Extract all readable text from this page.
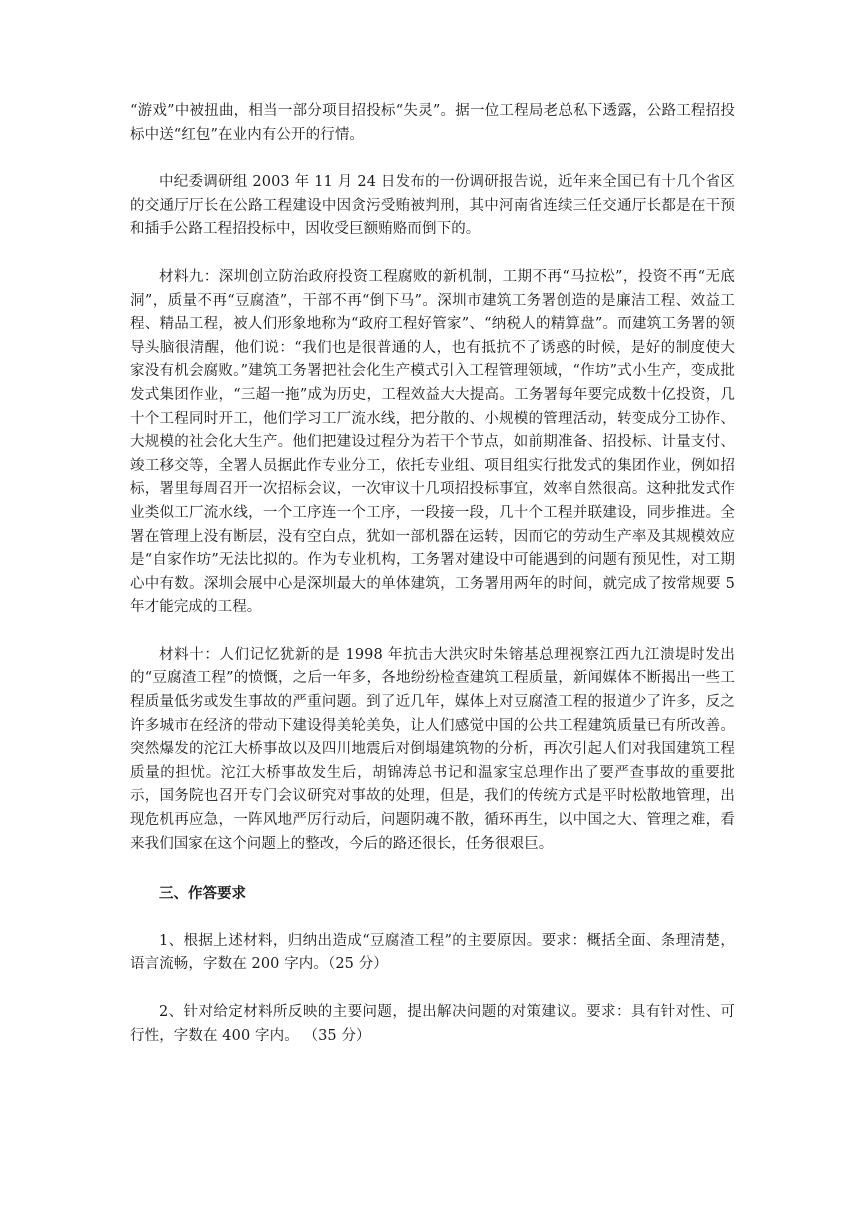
“游戏”中被扭曲，相当一部分项目招投标“失灵”。据一位工程局老总私下透露，公路工程招投标中送“红包”在业内有公开的行情。

中纪委调研组 2003 年 11 月 24 日发布的一份调研报告说，近年来全国已有十几个省区的交通厅厅长在公路工程建设中因贪污受贿被判刑，其中河南省连续三任交通厅长都是在干预和插手公路工程招投标中，因收受巨额贿赂而倒下的。

材料九：深圳创立防治政府投资工程腐败的新机制，工期不再“马拉松”，投资不再“无底洞”，质量不再“豆腐渣”，干部不再“倒下马”。深圳市建筑工务署创造的是廉洁工程、效益工程、精品工程，被人们形象地称为“政府工程好管家”、“纳税人的精算盘”。而建筑工务署的领导头脑很清醒，他们说：“我们也是很普通的人，也有抵抗不了诱惑的时候，是好的制度使大家没有机会腐败。”建筑工务署把社会化生产模式引入工程管理领域，“作坊”式小生产，变成批发式集团作业，“三超一拖”成为历史，工程效益大大提高。工务署每年要完成数十亿投资，几十个工程同时开工，他们学习工厂流水线，把分散的、小规模的管理活动，转变成分工协作、大规模的社会化大生产。他们把建设过程分为若干个节点，如前期准备、招投标、计量支付、竣工移交等，全署人员据此作专业分工，依托专业组、项目组实行批发式的集团作业，例如招标，署里每周召开一次招标会议，一次审议十几项招投标事宜，效率自然很高。这种批发式作业类似工厂流水线，一个工序连一个工序，一段接一段，几十个工程并联建设，同步推进。全署在管理上没有断层，没有空白点，犹如一部机器在运转，因而它的劳动生产率及其规模效应是“自家作坊”无法比拟的。作为专业机构，工务署对建设中可能遇到的问题有预见性，对工期心中有数。深圳会展中心是深圳最大的单体建筑，工务署用两年的时间，就完成了按常规要 5 年才能完成的工程。

材料十：人们记忆犹新的是 1998 年抗击大洪灾时朱镕基总理视察江西九江溃堤时发出的“豆腐渣工程”的愤慨，之后一年多，各地纷纷检查建筑工程质量，新闻媒体不断揭出一些工程质量低劣或发生事故的严重问题。到了近几年，媒体上对豆腐渣工程的报道少了许多，反之许多城市在经济的带动下建设得美轮美奂，让人们感觉中国的公共工程建筑质量已有所改善。突然爆发的沱江大桥事故以及四川地震后对倒塌建筑物的分析，再次引起人们对我国建筑工程质量的担忧。沱江大桥事故发生后，胡锦涛总书记和温家宝总理作出了要严查事故的重要批示，国务院也召开专门会议研究对事故的处理，但是，我们的传统方式是平时松散地管理，出现危机再应急，一阵风地严厉行动后，问题阴魂不散，循环再生，以中国之大、管理之难，看来我们国家在这个问题上的整改，今后的路还很长，任务很艰巨。

三、作答要求

1、根据上述材料，归纳出造成“豆腐渣工程”的主要原因。要求：概括全面、条理清楚，语言流畅，字数在 200 字内。（25 分）

2、针对给定材料所反映的主要问题，提出解决问题的对策建议。要求：具有针对性、可行性，字数在 400 字内。 （35 分）
